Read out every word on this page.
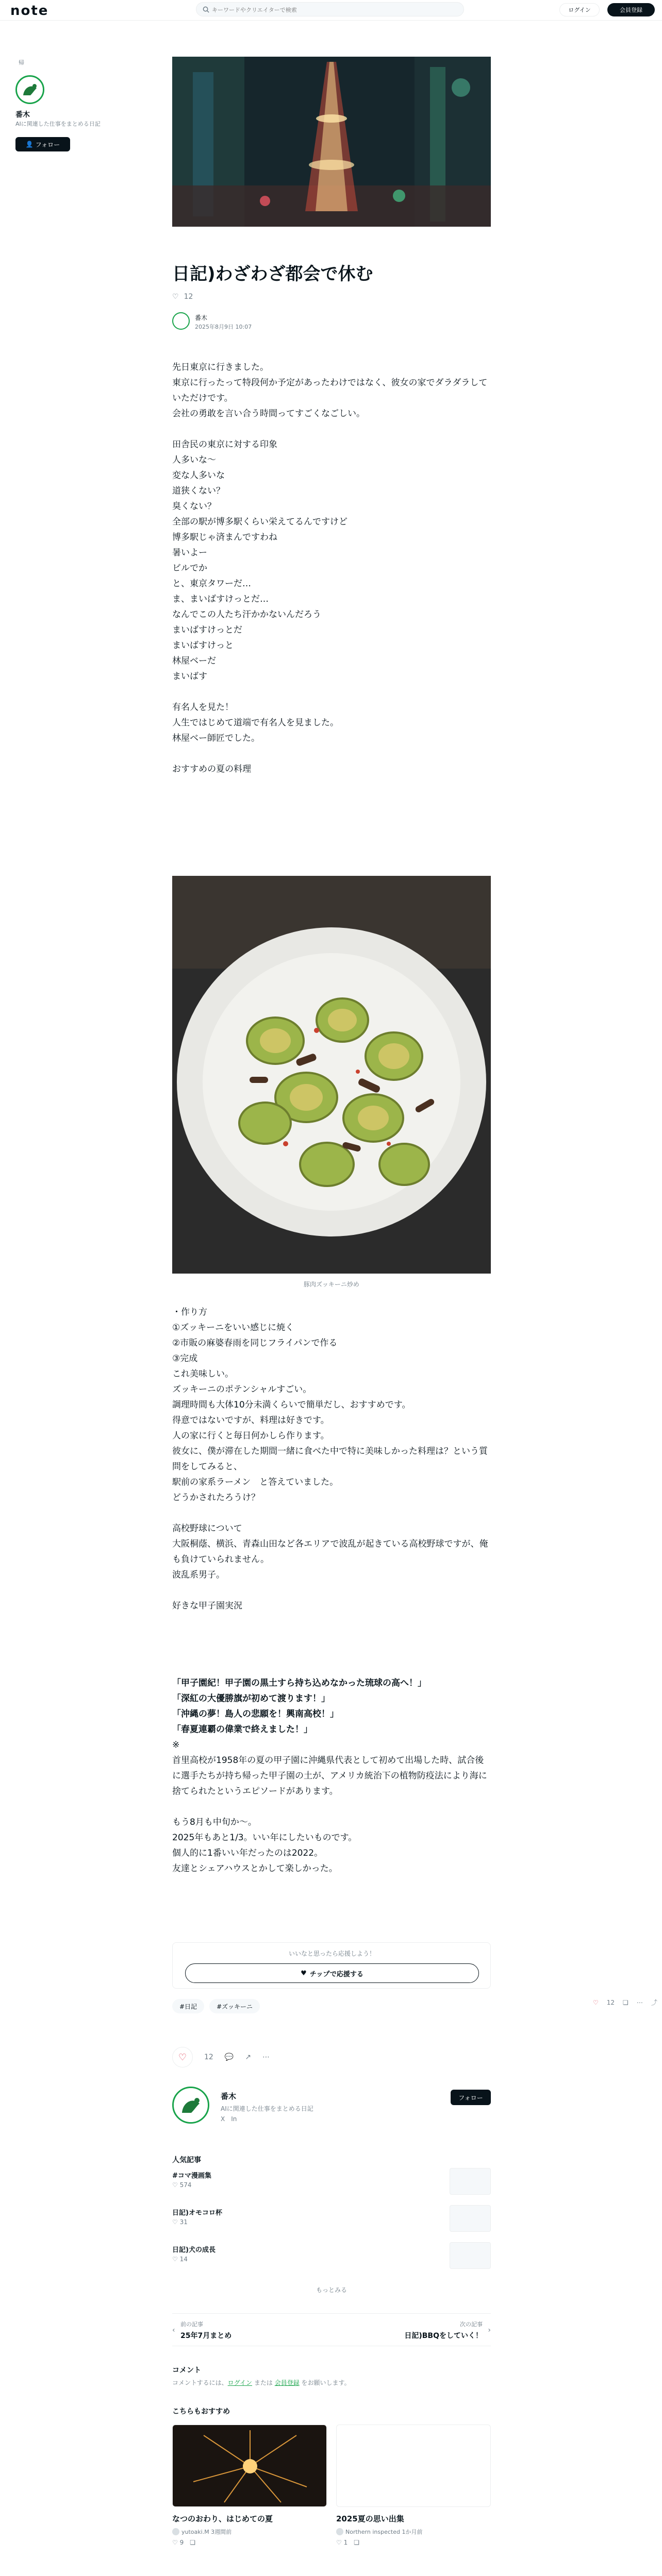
note
キーワードやクリエイターで検索	ログイン	会員登録
帰
番木
AIに関連した仕事をまとめる日記
👤 フォロー
日記)わざわざ都会で休む
♡ 12
番木
2025年8月9日 10:07

先日東京に行きました。

東京に行ったって特段何か予定があったわけではなく、彼女の家でダラダラしていただけです。

会社の勇敢を言い合う時間ってすごくなごしい。

田舎民の東京に対する印象

人多いな〜

変な人多いな

道狭くない？

臭くない？

全部の駅が博多駅くらい栄えてるんですけど

博多駅じゃ済まんですわね

暑いよー

ビルでか

と、東京タワーだ…

ま、まいばすけっとだ…

なんでこの人たち汗かかないんだろう

まいばすけっとだ

まいばすけっと

林屋ベーだ

まいばす

有名人を見た！

人生ではじめて道端で有名人を見ました。

林屋ベー師匠でした。

おすすめの夏の料理

豚肉ズッキーニ炒め

・作り方

①ズッキーニをいい感じに焼く

②市販の麻婆春雨を同じフライパンで作る

③完成

これ美味しい。

ズッキーニのポテンシャルすごい。

調理時間も大体10分未満くらいで簡単だし、おすすめです。

得意ではないですが、料理は好きです。

人の家に行くと毎日何かしら作ります。

彼女に、僕が滞在した期間一緒に食べた中で特に美味しかった料理は？という質問をしてみると、

駅前の家系ラーメン　と答えていました。

どうかされたろうけ？

高校野球について

大阪桐蔭、横浜、青森山田など各エリアで波乱が起きている高校野球ですが、俺も負けていられません。

波乱系男子。

好きな甲子園実況

「甲子園紀！甲子園の黒土すら持ち込めなかった琉球の高へ！」

「深紅の大優勝旗が初めて渡ります！」

「沖縄の夢！島人の悲願を！興南高校！」

「春夏連覇の偉業で終えました！」

※

首里高校が1958年の夏の甲子園に沖縄県代表として初めて出場した時、試合後に選手たちが持ち帰った甲子園の土が、アメリカ統治下の植物防疫法により海に捨てられたというエピソードがあります。

もう8月も中旬か〜。

2025年もあと1/3。いい年にしたいものです。

個人的に1番いい年だったのは2022。

友達とシェアハウスとかして楽しかった。

いいなと思ったら応援しよう！
♥ チップで応援する
#日記	#ズッキーニ
♡ 12 ❏ ⋯ ⤴
♡ 12 💬 ↗ ⋯
番木
AIに関連した仕事をまとめる日記
X In
フォロー
人気記事
#コマ漫画集
♡ 574
日記)オモコロ杯
♡ 31
日記)犬の成長
♡ 14
もっとみる
‹
前の記事
25年7月まとめ
次の記事
日記)BBQをしていく！
›
コメント
コメントするには、ログイン または 会員登録 をお願いします。
こちらもおすすめ
なつのおわり、はじめての夏
yutoaki.M 3週間前
♡ 9 ❏
2025夏の思い出集
Northern inspected 1か月前
♡ 1 ❏
